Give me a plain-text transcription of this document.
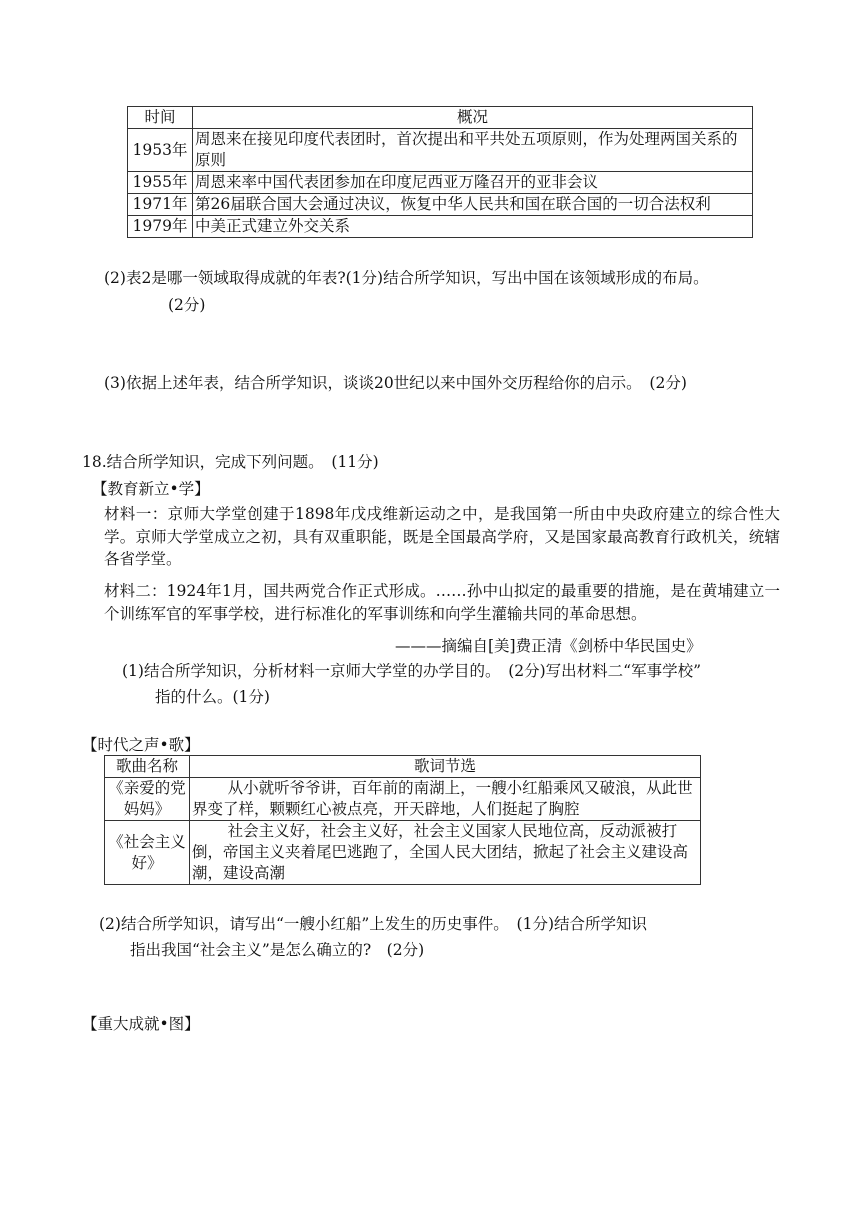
时间	概况
1953年	周恩来在接见印度代表团时，首次提出和平共处五项原则，作为处理两国关系的原则
1955年	周恩来率中国代表团参加在印度尼西亚万隆召开的亚非会议
1971年	第26届联合国大会通过决议，恢复中华人民共和国在联合国的一切合法权利
1979年	中美正式建立外交关系
(2)表2是哪一领域取得成就的年表?(1分)结合所学知识，写出中国在该领域形成的布局。
(2分)
(3)依据上述年表，结合所学知识，谈谈20世纪以来中国外交历程给你的启示。　(2分)
18.结合所学知识，完成下列问题。　(11分)
【教育新立•学】
材料一：京师大学堂创建于1898年戊戌维新运动之中，是我国第一所由中央政府建立的综合性大学。京师大学堂成立之初，具有双重职能，既是全国最高学府，又是国家最高教育行政机关，统辖各省学堂。
材料二：1924年1月，国共两党合作正式形成。……孙中山拟定的最重要的措施，是在黄埔建立一个训练军官的军事学校，进行标准化的军事训练和向学生灌输共同的革命思想。
———摘编自[美]费正清《剑桥中华民国史》
(1)结合所学知识，分析材料一京师大学堂的办学目的。　(2分)写出材料二“军事学校”
指的什么。(1分)
【时代之声•歌】
歌曲名称	歌词节选
《亲爱的党妈妈》	从小就听爷爷讲，百年前的南湖上，一艘小红船乘风又破浪，从此世界变了样，颗颗红心被点亮，开天辟地，人们挺起了胸腔
《社会主义好》	社会主义好，社会主义好，社会主义国家人民地位高，反动派被打倒，帝国主义夹着尾巴逃跑了，全国人民大团结，掀起了社会主义建设高潮，建设高潮
(2)结合所学知识，请写出“一艘小红船”上发生的历史事件。　(1分)结合所学知识
指出我国“社会主义”是怎么确立的?　(2分)
【重大成就•图】
